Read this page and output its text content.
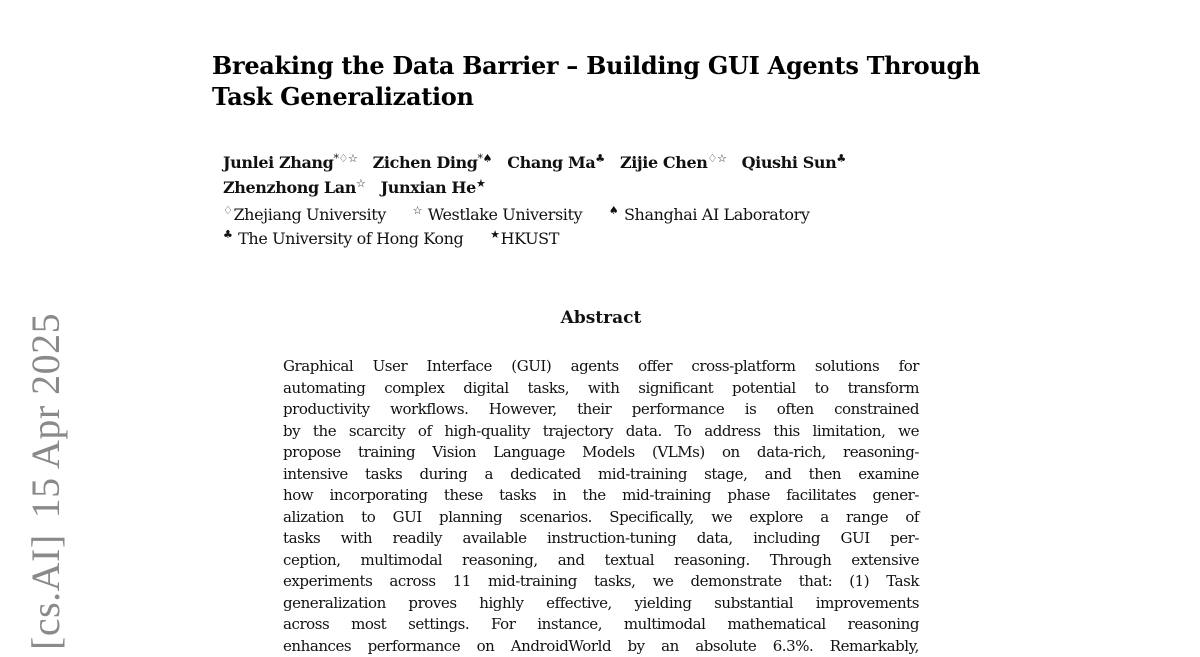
[cs.AI]15 Apr 2025
Breaking the Data Barrier – Building GUI Agents Through Task Generalization
Junlei Zhang*♢☆ Zichen Ding*♠ Chang Ma♣ Zijie Chen♢☆ Qiushi Sun♣
Zhenzhong Lan☆ Junxian He★
♢Zhejiang University ☆ Westlake University ♠ Shanghai AI Laboratory
♣ The University of Hong Kong ★HKUST
Abstract

Graphical User Interface (GUI) agents offer cross-platform solutions for
automating complex digital tasks, with significant potential to transform
productivity workflows. However, their performance is often constrained
by the scarcity of high-quality trajectory data. To address this limitation, we
propose training Vision Language Models (VLMs) on data-rich, reasoning-
intensive tasks during a dedicated mid-training stage, and then examine
how incorporating these tasks in the mid-training phase facilitates gener-
alization to GUI planning scenarios. Specifically, we explore a range of
tasks with readily available instruction-tuning data, including GUI per-
ception, multimodal reasoning, and textual reasoning. Through extensive
experiments across 11 mid-training tasks, we demonstrate that: (1) Task
generalization proves highly effective, yielding substantial improvements
across most settings. For instance, multimodal mathematical reasoning
enhances performance on AndroidWorld by an absolute 6.3%. Remarkably,
